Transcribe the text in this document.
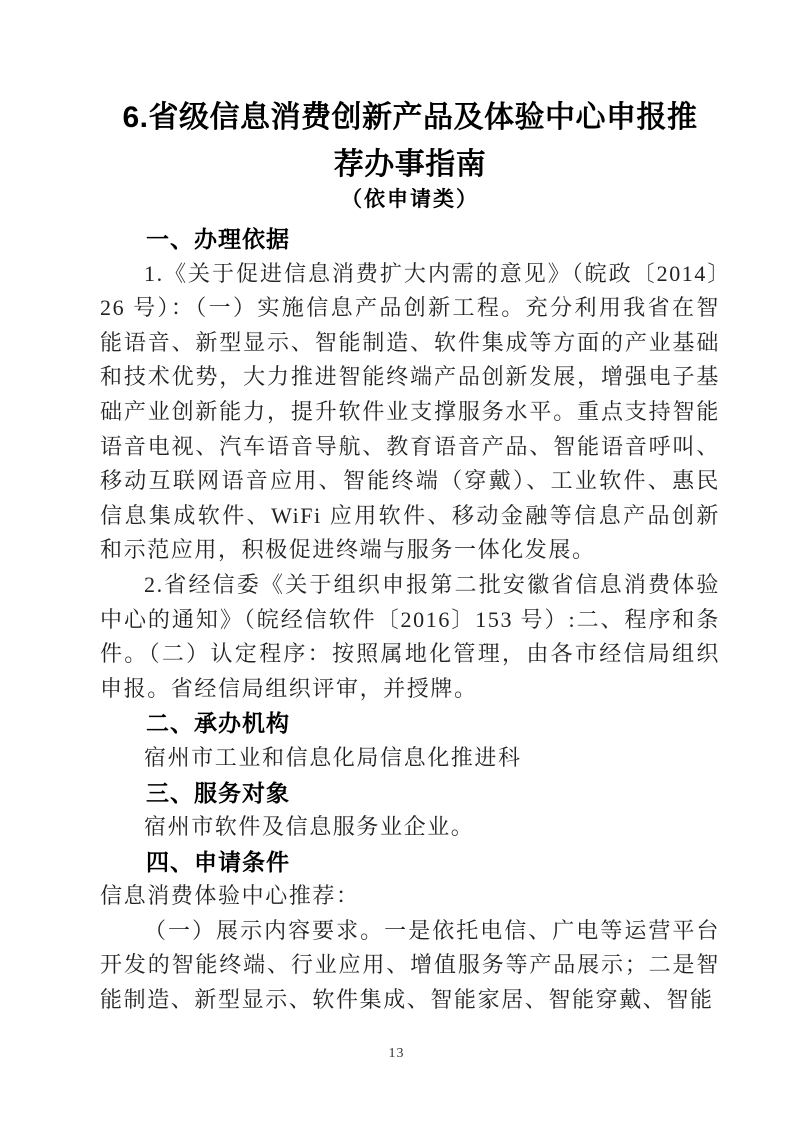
6.省级信息消费创新产品及体验中心申报推荐办事指南
（依申请类）
一、办理依据

1.《关于促进信息消费扩大内需的意见》（皖政〔2014〕26 号）：（一）实施信息产品创新工程。充分利用我省在智能语音、新型显示、智能制造、软件集成等方面的产业基础和技术优势，大力推进智能终端产品创新发展，增强电子基础产业创新能力，提升软件业支撑服务水平。重点支持智能语音电视、汽车语音导航、教育语音产品、智能语音呼叫、移动互联网语音应用、智能终端（穿戴）、工业软件、惠民信息集成软件、WiFi 应用软件、移动金融等信息产品创新和示范应用，积极促进终端与服务一体化发展。

2.省经信委《关于组织申报第二批安徽省信息消费体验中心的通知》（皖经信软件〔2016〕153 号）:二、程序和条件。（二）认定程序：按照属地化管理，由各市经信局组织申报。省经信局组织评审，并授牌。

二、承办机构

宿州市工业和信息化局信息化推进科

三、服务对象

宿州市软件及信息服务业企业。

四、申请条件

信息消费体验中心推荐：

（一）展示内容要求。一是依托电信、广电等运营平台开发的智能终端、行业应用、增值服务等产品展示；二是智能制造、新型显示、软件集成、智能家居、智能穿戴、智能

13
